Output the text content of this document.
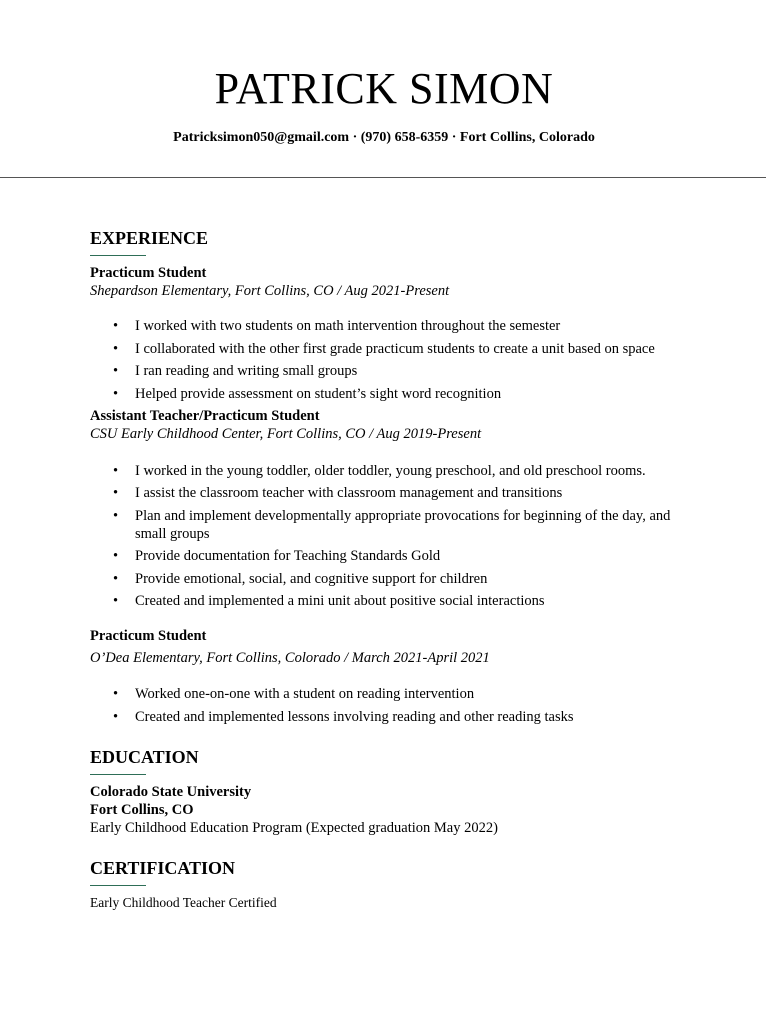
PATRICK SIMON

Patricksimon050@gmail.com · (970) 658-6359 · Fort Collins, Colorado

EXPERIENCE

Practicum Student

Shepardson Elementary, Fort Collins, CO / Aug 2021-Present

• I worked with two students on math intervention throughout the semester
• I collaborated with the other first grade practicum students to create a unit based on space
• I ran reading and writing small groups
• Helped provide assessment on student’s sight word recognition

Assistant Teacher/Practicum Student

CSU Early Childhood Center, Fort Collins, CO / Aug 2019-Present

• I worked in the young toddler, older toddler, young preschool, and old preschool rooms.
• I assist the classroom teacher with classroom management and transitions
• Plan and implement developmentally appropriate provocations for beginning of the day, and small groups
• Provide documentation for Teaching Standards Gold
• Provide emotional, social, and cognitive support for children
• Created and implemented a mini unit about positive social interactions

Practicum Student

O’Dea Elementary, Fort Collins, Colorado / March 2021-April 2021

• Worked one-on-one with a student on reading intervention
• Created and implemented lessons involving reading and other reading tasks
EDUCATION

Colorado State University

Fort Collins, CO

Early Childhood Education Program (Expected graduation May 2022)

CERTIFICATION

Early Childhood Teacher Certified
